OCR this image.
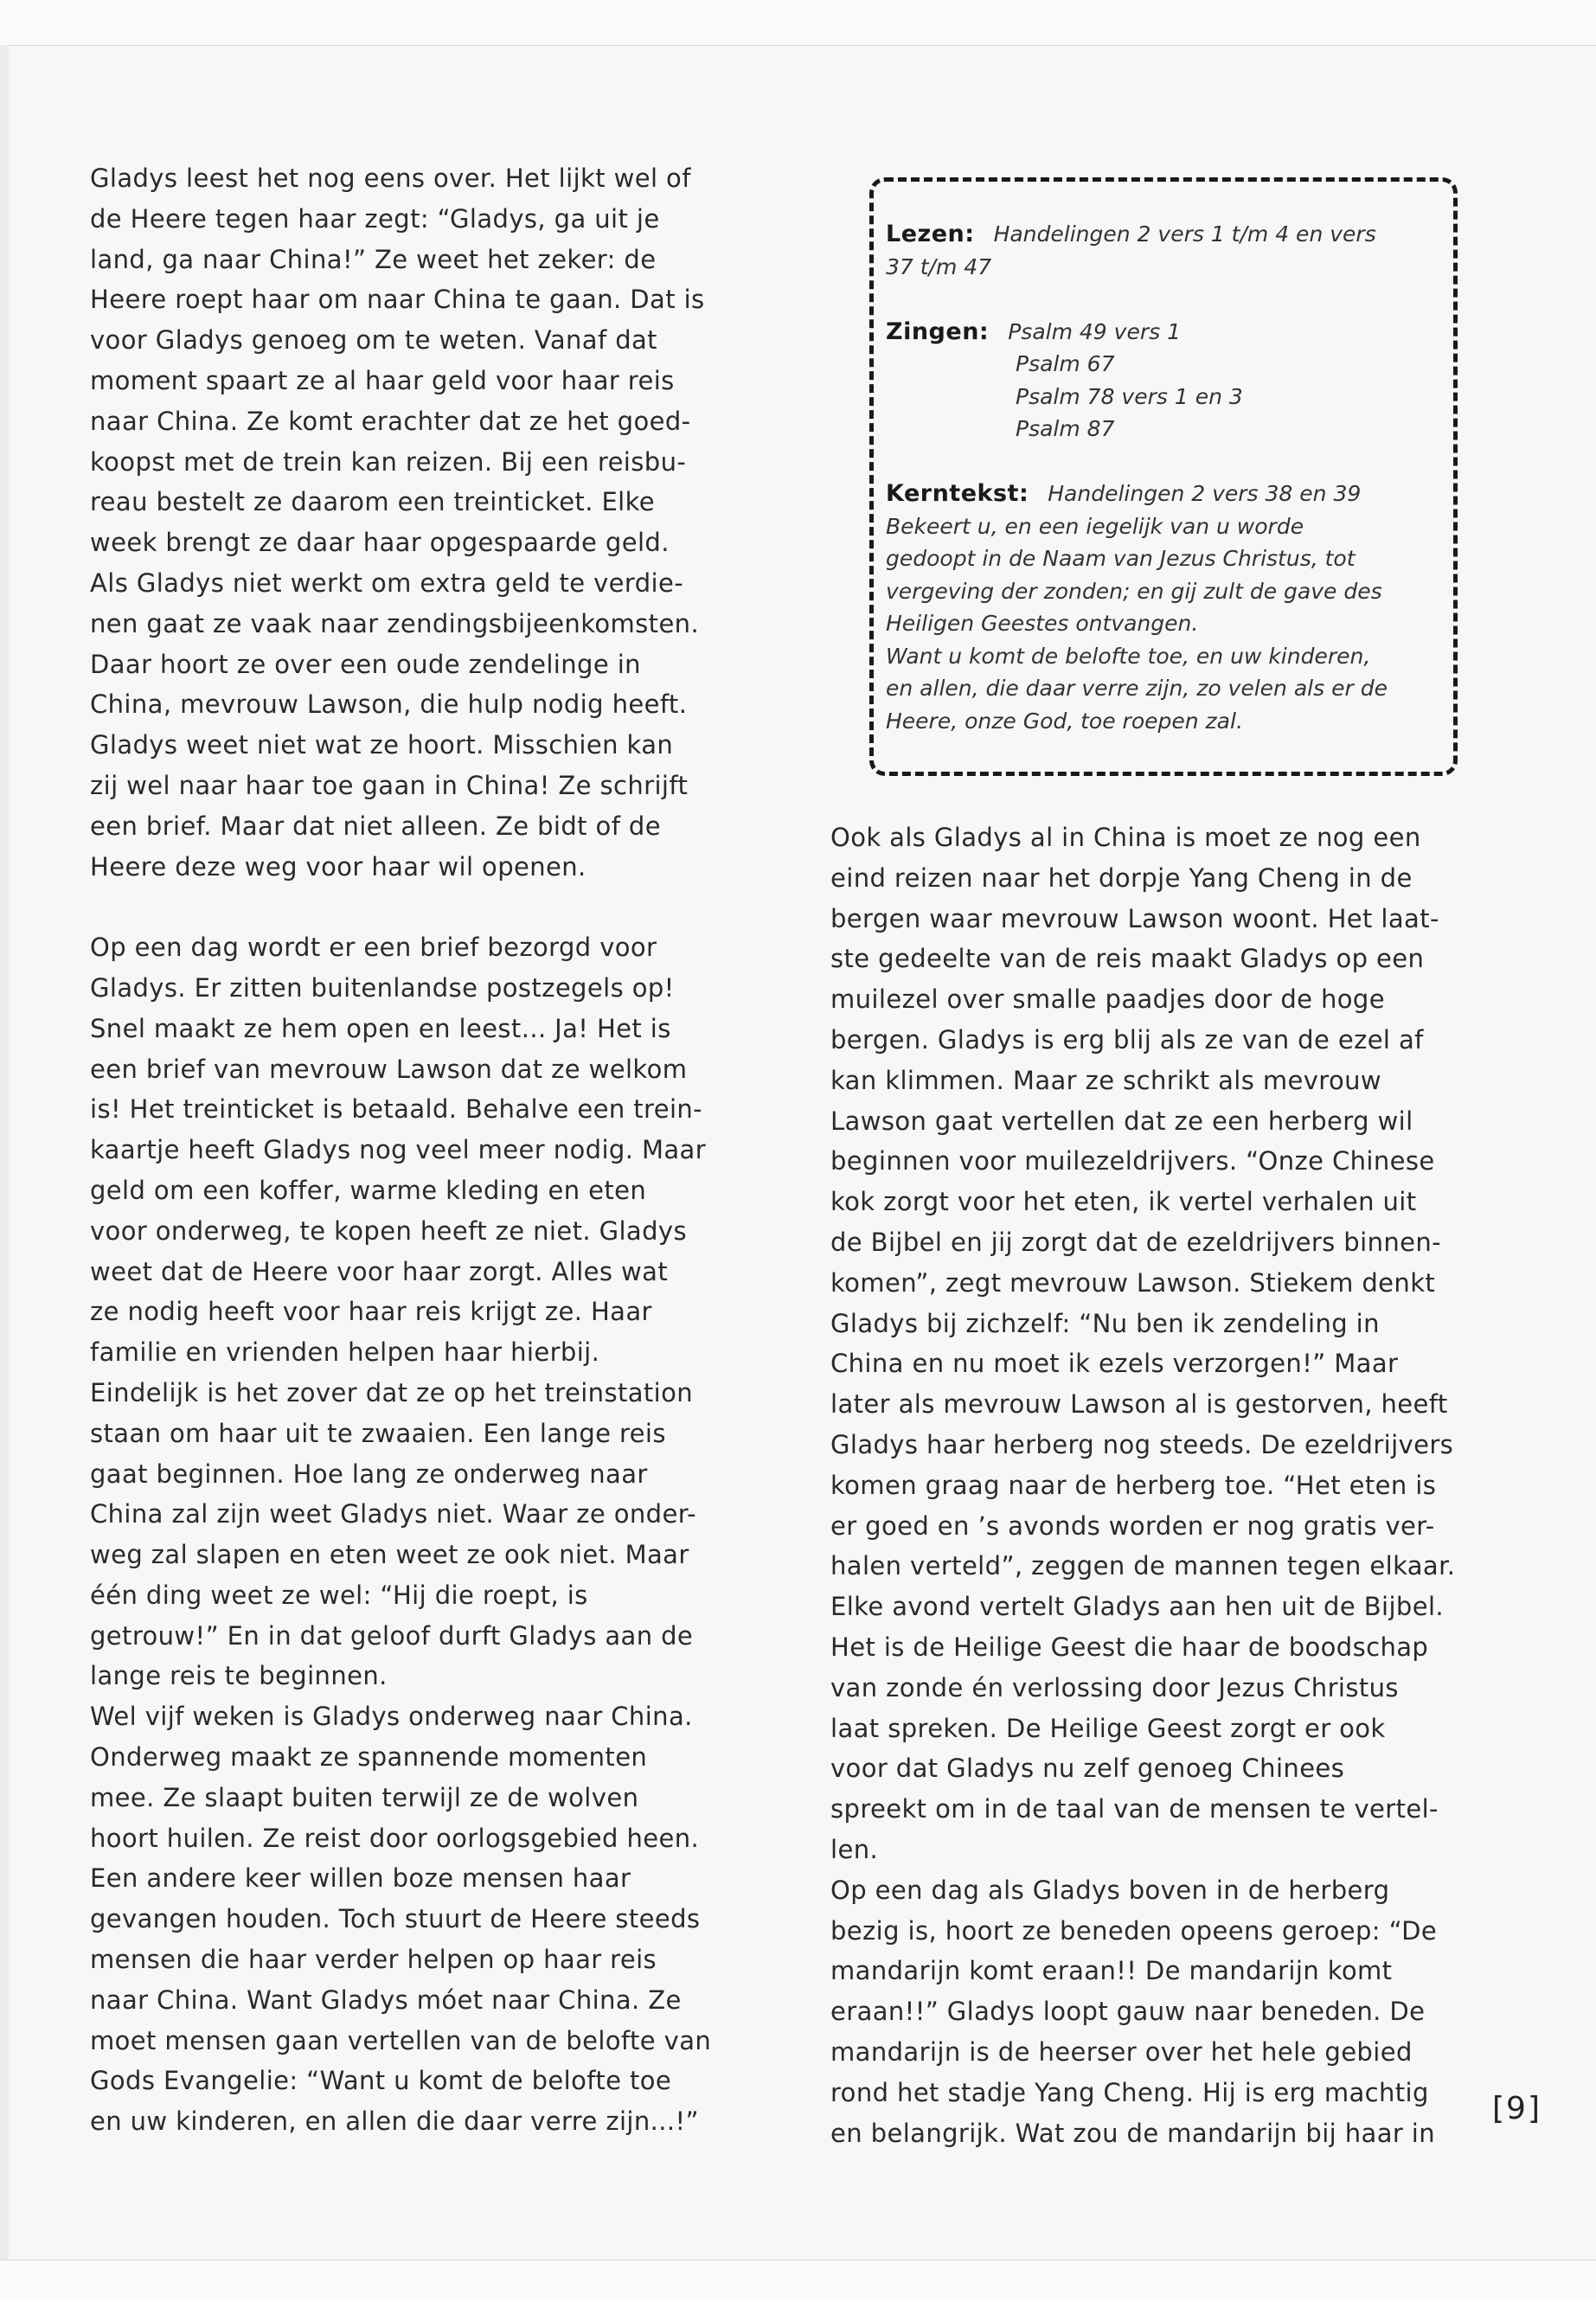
Gladys leest het nog eens over. Het lijkt wel of
de Heere tegen haar zegt: “Gladys, ga uit je
land, ga naar China!” Ze weet het zeker: de
Heere roept haar om naar China te gaan. Dat is
voor Gladys genoeg om te weten. Vanaf dat
moment spaart ze al haar geld voor haar reis
naar China. Ze komt erachter dat ze het goed-
koopst met de trein kan reizen. Bij een reisbu-
reau bestelt ze daarom een treinticket. Elke
week brengt ze daar haar opgespaarde geld.
Als Gladys niet werkt om extra geld te verdie-
nen gaat ze vaak naar zendingsbijeenkomsten.
Daar hoort ze over een oude zendelinge in
China, mevrouw Lawson, die hulp nodig heeft.
Gladys weet niet wat ze hoort. Misschien kan
zij wel naar haar toe gaan in China! Ze schrijft
een brief. Maar dat niet alleen. Ze bidt of de
Heere deze weg voor haar wil openen.
Op een dag wordt er een brief bezorgd voor
Gladys. Er zitten buitenlandse postzegels op!
Snel maakt ze hem open en leest... Ja! Het is
een brief van mevrouw Lawson dat ze welkom
is! Het treinticket is betaald. Behalve een trein-
kaartje heeft Gladys nog veel meer nodig. Maar
geld om een koffer, warme kleding en eten
voor onderweg, te kopen heeft ze niet. Gladys
weet dat de Heere voor haar zorgt. Alles wat
ze nodig heeft voor haar reis krijgt ze. Haar
familie en vrienden helpen haar hierbij.
Eindelijk is het zover dat ze op het treinstation
staan om haar uit te zwaaien. Een lange reis
gaat beginnen. Hoe lang ze onderweg naar
China zal zijn weet Gladys niet. Waar ze onder-
weg zal slapen en eten weet ze ook niet. Maar
één ding weet ze wel: “Hij die roept, is
getrouw!” En in dat geloof durft Gladys aan de
lange reis te beginnen.
Wel vijf weken is Gladys onderweg naar China.
Onderweg maakt ze spannende momenten
mee. Ze slaapt buiten terwijl ze de wolven
hoort huilen. Ze reist door oorlogsgebied heen.
Een andere keer willen boze mensen haar
gevangen houden. Toch stuurt de Heere steeds
mensen die haar verder helpen op haar reis
naar China. Want Gladys móet naar China. Ze
moet mensen gaan vertellen van de belofte van
Gods Evangelie: “Want u komt de belofte toe
en uw kinderen, en allen die daar verre zijn...!”
Lezen: Handelingen 2 vers 1 t/m 4 en vers
37 t/m 47
Zingen: Psalm 49 vers 1
Psalm 67
Psalm 78 vers 1 en 3
Psalm 87
Kerntekst: Handelingen 2 vers 38 en 39
Bekeert u, en een iegelijk van u worde
gedoopt in de Naam van Jezus Christus, tot
vergeving der zonden; en gij zult de gave des
Heiligen Geestes ontvangen.
Want u komt de belofte toe, en uw kinderen,
en allen, die daar verre zijn, zo velen als er de
Heere, onze God, toe roepen zal.
Ook als Gladys al in China is moet ze nog een
eind reizen naar het dorpje Yang Cheng in de
bergen waar mevrouw Lawson woont. Het laat-
ste gedeelte van de reis maakt Gladys op een
muilezel over smalle paadjes door de hoge
bergen. Gladys is erg blij als ze van de ezel af
kan klimmen. Maar ze schrikt als mevrouw
Lawson gaat vertellen dat ze een herberg wil
beginnen voor muilezeldrijvers. “Onze Chinese
kok zorgt voor het eten, ik vertel verhalen uit
de Bijbel en jij zorgt dat de ezeldrijvers binnen-
komen”, zegt mevrouw Lawson. Stiekem denkt
Gladys bij zichzelf: “Nu ben ik zendeling in
China en nu moet ik ezels verzorgen!” Maar
later als mevrouw Lawson al is gestorven, heeft
Gladys haar herberg nog steeds. De ezeldrijvers
komen graag naar de herberg toe. “Het eten is
er goed en ’s avonds worden er nog gratis ver-
halen verteld”, zeggen de mannen tegen elkaar.
Elke avond vertelt Gladys aan hen uit de Bijbel.
Het is de Heilige Geest die haar de boodschap
van zonde én verlossing door Jezus Christus
laat spreken. De Heilige Geest zorgt er ook
voor dat Gladys nu zelf genoeg Chinees
spreekt om in de taal van de mensen te vertel-
len.
Op een dag als Gladys boven in de herberg
bezig is, hoort ze beneden opeens geroep: “De
mandarijn komt eraan!! De mandarijn komt
eraan!!” Gladys loopt gauw naar beneden. De
mandarijn is de heerser over het hele gebied
rond het stadje Yang Cheng. Hij is erg machtig
en belangrijk. Wat zou de mandarijn bij haar in
[9]
